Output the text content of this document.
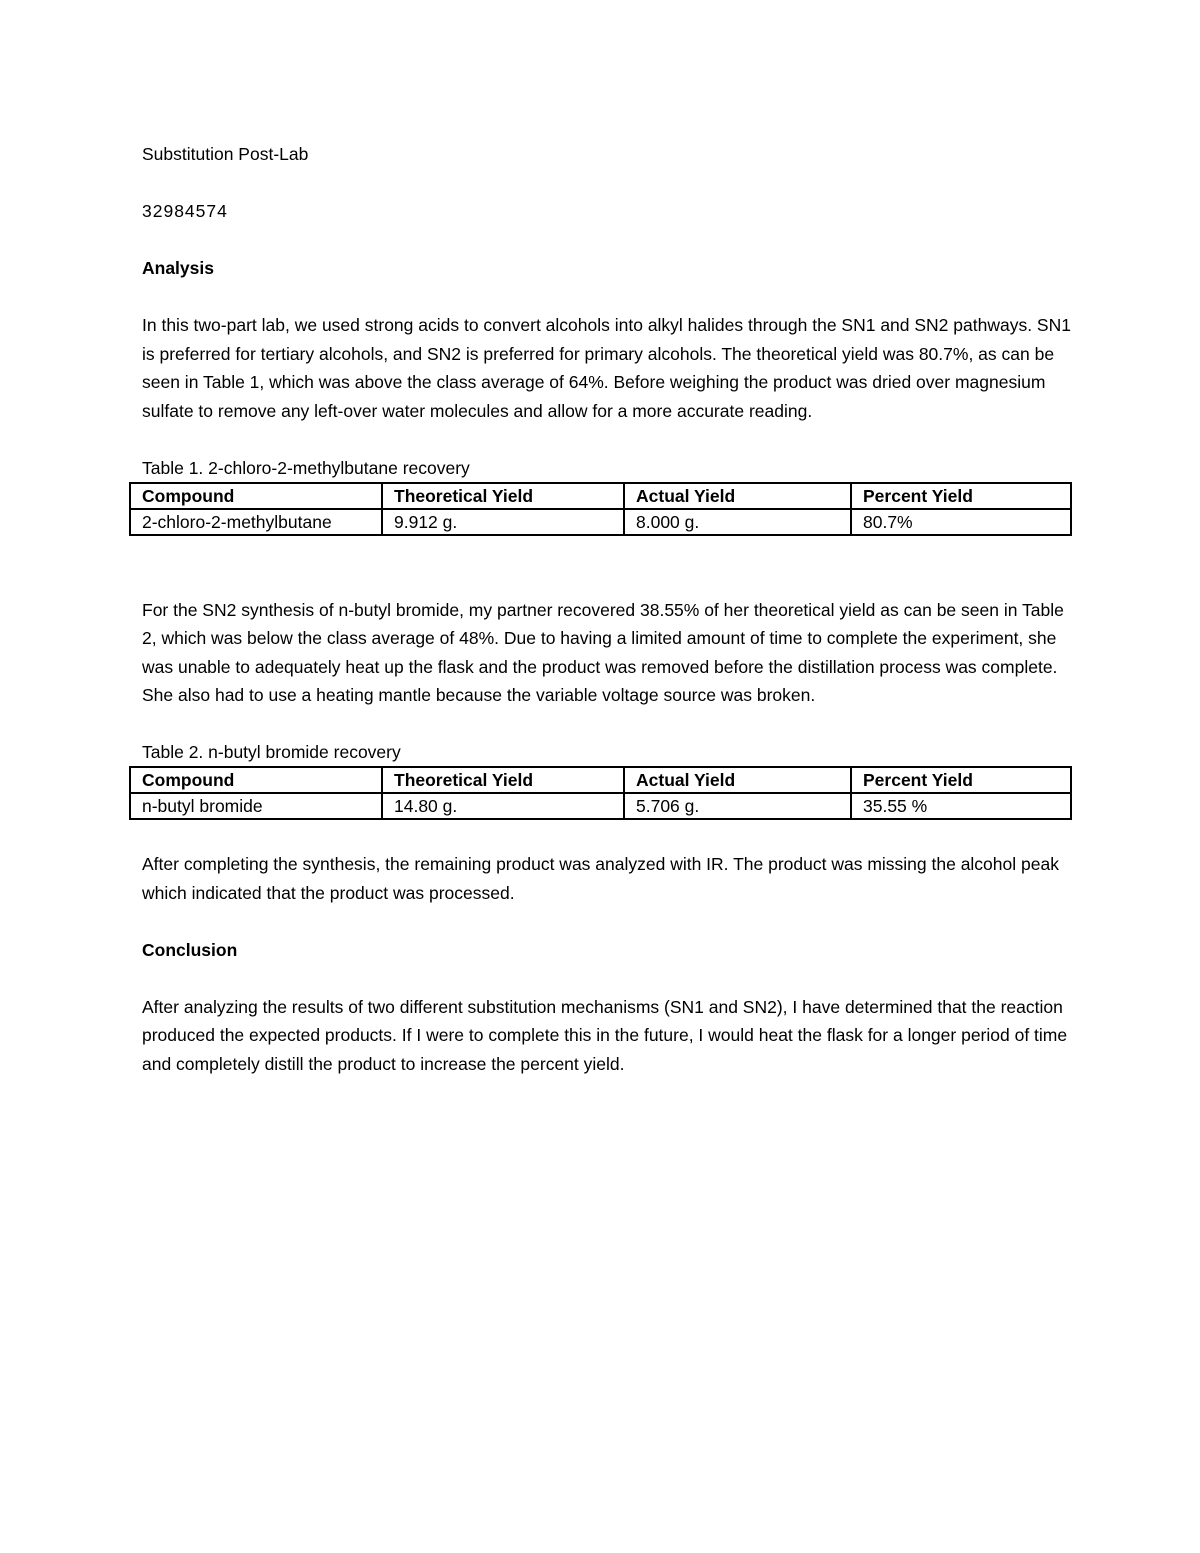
Substitution Post-Lab

32984574

Analysis

In this two-part lab, we used strong acids to convert alcohols into alkyl halides through the SN1 and SN2 pathways. SN1 is preferred for tertiary alcohols, and SN2 is preferred for primary alcohols. The theoretical yield was 80.7%, as can be seen in Table 1, which was above the class average of 64%. Before weighing the product was dried over magnesium sulfate to remove any left-over water molecules and allow for a more accurate reading.

Table 1. 2-chloro-2-methylbutane recovery

Compound	Theoretical Yield	Actual Yield	Percent Yield
2-chloro-2-methylbutane	9.912 g.	8.000 g.	80.7%

For the SN2 synthesis of n-butyl bromide, my partner recovered 38.55% of her theoretical yield as can be seen in Table 2, which was below the class average of 48%. Due to having a limited amount of time to complete the experiment, she was unable to adequately heat up the flask and the product was removed before the distillation process was complete. She also had to use a heating mantle because the variable voltage source was broken.

Table 2. n-butyl bromide recovery

Compound	Theoretical Yield	Actual Yield	Percent Yield
n-butyl bromide	14.80 g.	5.706 g.	35.55 %

After completing the synthesis, the remaining product was analyzed with IR. The product was missing the alcohol peak which indicated that the product was processed.

Conclusion

After analyzing the results of two different substitution mechanisms (SN1 and SN2), I have determined that the reaction produced the expected products. If I were to complete this in the future, I would heat the flask for a longer period of time and completely distill the product to increase the percent yield.
